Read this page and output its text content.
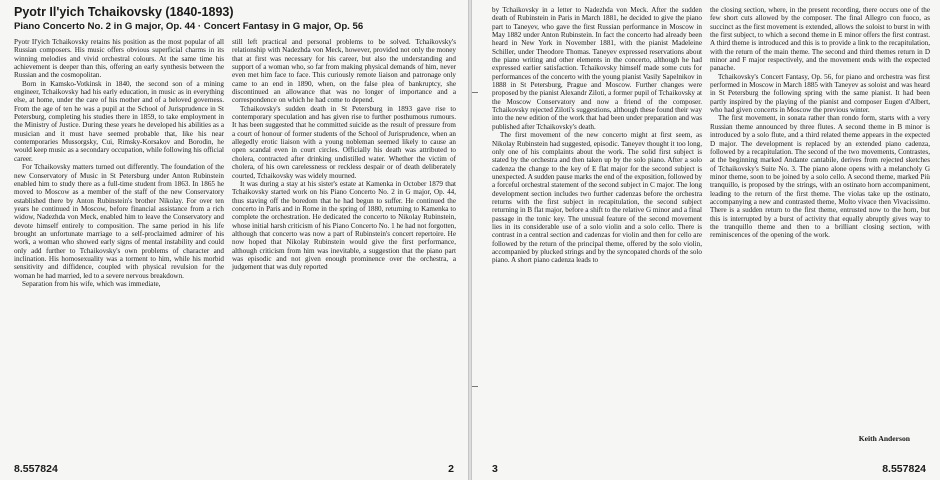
Pyotr Il'yich Tchaikovsky (1840-1893)
Piano Concerto No. 2 in G major, Op. 44 · Concert Fantasy in G major, Op. 56

Pyotr Il'yich Tchaikovsky retains his position as the most popular of all Russian composers. His music offers obvious superficial charms in its winning melodies and vivid orchestral colours. At the same time his achievement is deeper than this, offering an early synthesis between the Russian and the cosmopolitan.

Born in Kamsko-Votkinsk in 1840, the second son of a mining engineer, Tchaikovsky had his early education, in music as in everything else, at home, under the care of his mother and of a beloved governess. From the age of ten he was a pupil at the School of Jurisprudence in St Petersburg, completing his studies there in 1859, to take employment in the Ministry of Justice. During these years he developed his abilities as a musician and it must have seemed probable that, like his near contemporaries Mussorgsky, Cui, Rimsky-Korsakov and Borodin, he would keep music as a secondary occupation, while following his official career.

For Tchaikovsky matters turned out differently. The foundation of the new Conservatory of Music in St Petersburg under Anton Rubinstein enabled him to study there as a full-time student from 1863. In 1865 he moved to Moscow as a member of the staff of the new Conservatory established there by Anton Rubinstein's brother Nikolay. For over ten years he continued in Moscow, before financial assistance from a rich widow, Nadezhda von Meck, enabled him to leave the Conservatory and devote himself entirely to composition. The same period in his life brought an unfortunate marriage to a self-proclaimed admirer of his work, a woman who showed early signs of mental instability and could only add further to Tchaikovsky's own problems of character and inclination. His homosexuality was a torment to him, while his morbid sensitivity and diffidence, coupled with physical revulsion for the woman he had married, led to a severe nervous breakdown.

Separation from his wife, which was immediate,

still left practical and personal problems to be solved. Tchaikovsky's relationship with Nadezhda von Meck, however, provided not only the money that at first was necessary for his career, but also the understanding and support of a woman who, so far from making physical demands of him, never even met him face to face. This curiously remote liaison and patronage only came to an end in 1890, when, on the false plea of bankruptcy, she discontinued an allowance that was no longer of importance and a correspondence on which he had come to depend.

Tchaikovsky's sudden death in St Petersburg in 1893 gave rise to contemporary speculation and has given rise to further posthumous rumours. It has been suggested that he committed suicide as the result of pressure from a court of honour of former students of the School of Jurisprudence, when an allegedly erotic liaison with a young nobleman seemed likely to cause an open scandal even in court circles. Officially his death was attributed to cholera, contracted after drinking undistilled water. Whether the victim of cholera, of his own carelessness or reckless despair or of death deliberately courted, Tchaikovsky was widely mourned.

It was during a stay at his sister's estate at Kamenka in October 1879 that Tchaikovsky started work on his Piano Concerto No. 2 in G major, Op. 44, thus staving off the boredom that he had begun to suffer. He continued the concerto in Paris and in Rome in the spring of 1880, returning to Kamenka to complete the orchestration. He dedicated the concerto to Nikolay Rubinstein, whose initial harsh criticism of his Piano Concerto No. 1 he had not forgotten, although that concerto was now a part of Rubinstein's concert repertoire. He now hoped that Nikolay Rubinstein would give the first performance, although criticism from him was inevitable, a suggestion that the piano part was episodic and not given enough prominence over the orchestra, a judgement that was duly reported

8.557824	2

by Tchaikovsky in a letter to Nadezhda von Meck. After the sudden death of Rubinstein in Paris in March 1881, he decided to give the piano part to Taneyev, who gave the first Russian performance in Moscow in May 1882 under Anton Rubinstein. In fact the concerto had already been heard in New York in November 1881, with the pianist Madeleine Schiller, under Theodore Thomas. Taneyev expressed reservations about the piano writing and other elements in the concerto, although he had expressed earlier satisfaction. Tchaikovsky himself made some cuts for performances of the concerto with the young pianist Vasily Sapelnikov in 1888 in St Petersburg, Prague and Moscow. Further changes were proposed by the pianist Alexandr Ziloti, a former pupil of Tchaikovsky at the Moscow Conservatory and now a friend of the composer. Tchaikovsky rejected Ziloti's suggestions, although these found their way into the new edition of the work that had been under preparation and was published after Tchaikovsky's death.

The first movement of the new concerto might at first seem, as Nikolay Rubinstein had suggested, episodic. Taneyev thought it too long, only one of his complaints about the work. The solid first subject is stated by the orchestra and then taken up by the solo piano. After a solo cadenza the change to the key of E flat major for the second subject is unexpected. A sudden pause marks the end of the exposition, followed by a forceful orchestral statement of the second subject in C major. The long development section includes two further cadenzas before the orchestra returns with the first subject in recapitulation, the second subject returning in B flat major, before a shift to the relative G minor and a final passage in the tonic key. The unusual feature of the second movement lies in its considerable use of a solo violin and a solo cello. There is contrast in a central section and cadenzas for violin and then for cello are followed by the return of the principal theme, offered by the solo violin, accompanied by plucked strings and by the syncopated chords of the solo piano. A short piano cadenza leads to

the closing section, where, in the present recording, there occurs one of the few short cuts allowed by the composer. The final Allegro con fuoco, as succinct as the first movement is extended, allows the soloist to burst in with the first subject, to which a second theme in E minor offers the first contrast. A third theme is introduced and this is to provide a link to the recapitulation, with the return of the main theme. The second and third themes return in D minor and F major respectively, and the movement ends with the expected panache.

Tchaikovsky's Concert Fantasy, Op. 56, for piano and orchestra was first performed in Moscow in March 1885 with Taneyev as soloist and was heard in St Petersburg the following spring with the same pianist. It had been partly inspired by the playing of the pianist and composer Eugen d'Albert, who had given concerts in Moscow the previous winter.

The first movement, in sonata rather than rondo form, starts with a very Russian theme announced by three flutes. A second theme in B minor is introduced by a solo flute, and a third related theme appears in the expected D major. The development is replaced by an extended piano cadenza, followed by a recapitulation. The second of the two movements, Contrastes, at the beginning marked Andante cantabile, derives from rejected sketches of Tchaikovsky's Suite No. 3. The piano alone opens with a melancholy G minor theme, soon to be joined by a solo cello. A second theme, marked Più tranquillo, is proposed by the strings, with an ostinato horn accompaniment, leading to the return of the first theme. The violas take up the ostinato, accompanying a new and contrasted theme, Molto vivace then Vivacissimo. There is a sudden return to the first theme, entrusted now to the horn, but this is interrupted by a burst of activity that equally abruptly gives way to the tranquillo theme and then to a brilliant closing section, with reminiscences of the opening of the work.

Keith Anderson
3	8.557824
